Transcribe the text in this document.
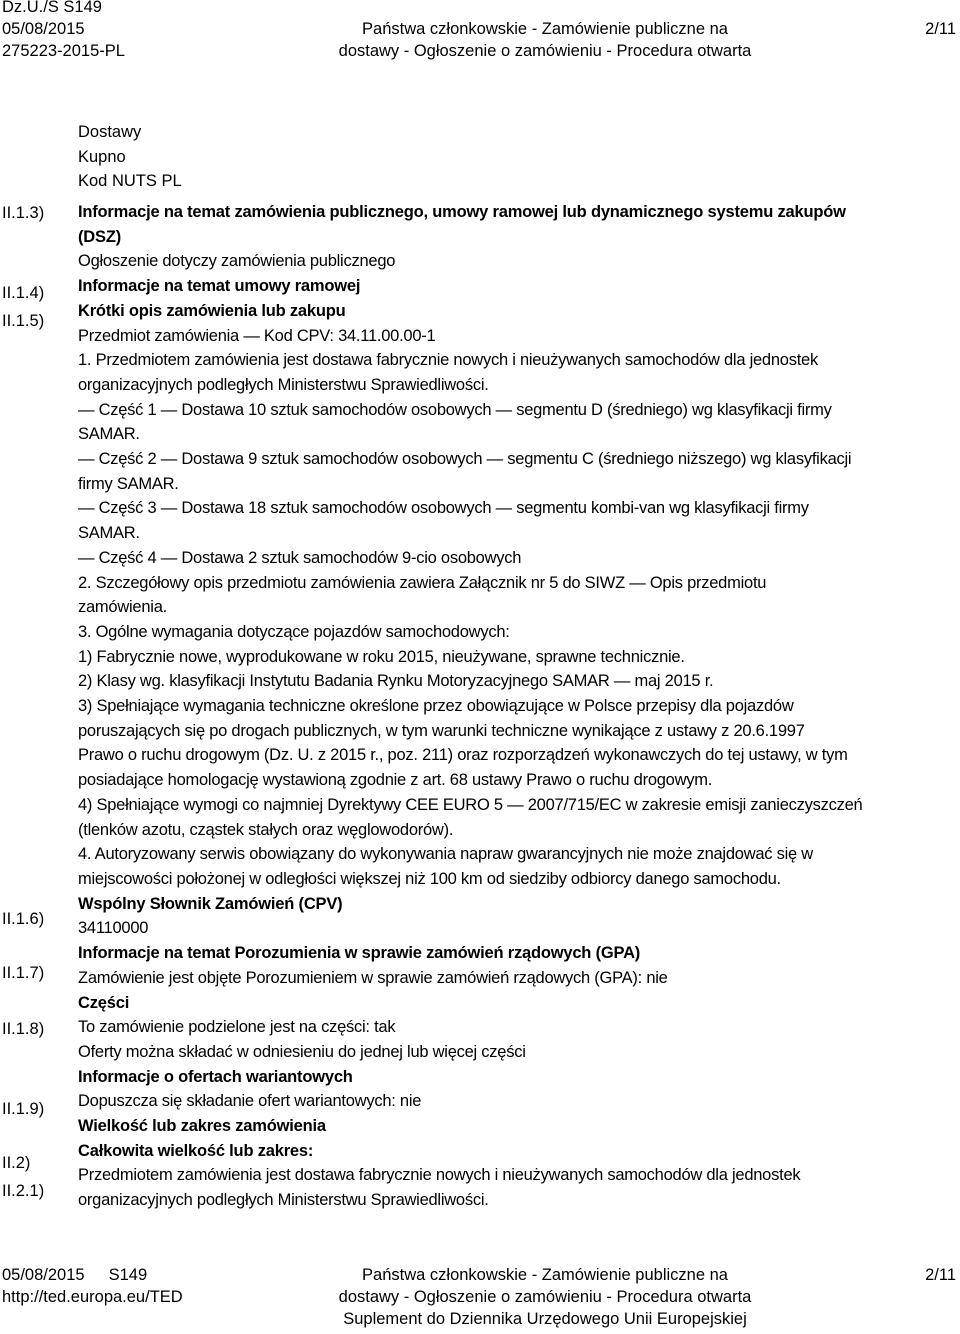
Dz.U./S S149
05/08/2015
275223-2015-PL
Państwa członkowskie - Zamówienie publiczne na
dostawy - Ogłoszenie o zamówieniu - Procedura otwarta
2/11
II.1.3)
II.1.4)
II.1.5)
II.1.6)
II.1.7)
II.1.8)
II.1.9)
II.2)
II.2.1)
Dostawy
Kupno
Kod NUTS PL
Informacje na temat zamówienia publicznego, umowy ramowej lub dynamicznego systemu zakupów
(DSZ)
Ogłoszenie dotyczy zamówienia publicznego
Informacje na temat umowy ramowej
Krótki opis zamówienia lub zakupu
Przedmiot zamówienia — Kod CPV: 34.11.00.00-1
1. Przedmiotem zamówienia jest dostawa fabrycznie nowych i nieużywanych samochodów dla jednostek
organizacyjnych podległych Ministerstwu Sprawiedliwości.
— Część 1 — Dostawa 10 sztuk samochodów osobowych — segmentu D (średniego) wg klasyfikacji firmy
SAMAR.
— Część 2 — Dostawa 9 sztuk samochodów osobowych — segmentu C (średniego niższego) wg klasyfikacji
firmy SAMAR.
— Część 3 — Dostawa 18 sztuk samochodów osobowych — segmentu kombi-van wg klasyfikacji firmy
SAMAR.
— Część 4 — Dostawa 2 sztuk samochodów 9-cio osobowych
2. Szczegółowy opis przedmiotu zamówienia zawiera Załącznik nr 5 do SIWZ — Opis przedmiotu
zamówienia.
3. Ogólne wymagania dotyczące pojazdów samochodowych:
1) Fabrycznie nowe, wyprodukowane w roku 2015, nieużywane, sprawne technicznie.
2) Klasy wg. klasyfikacji Instytutu Badania Rynku Motoryzacyjnego SAMAR — maj 2015 r.
3) Spełniające wymagania techniczne określone przez obowiązujące w Polsce przepisy dla pojazdów
poruszających się po drogach publicznych, w tym warunki techniczne wynikające z ustawy z 20.6.1997
Prawo o ruchu drogowym (Dz. U. z 2015 r., poz. 211) oraz rozporządzeń wykonawczych do tej ustawy, w tym
posiadające homologację wystawioną zgodnie z art. 68 ustawy Prawo o ruchu drogowym.
4) Spełniające wymogi co najmniej Dyrektywy CEE EURO 5 — 2007/715/EC w zakresie emisji zanieczyszczeń
(tlenków azotu, cząstek stałych oraz węglowodorów).
4. Autoryzowany serwis obowiązany do wykonywania napraw gwarancyjnych nie może znajdować się w
miejscowości położonej w odległości większej niż 100 km od siedziby odbiorcy danego samochodu.
Wspólny Słownik Zamówień (CPV)
34110000
Informacje na temat Porozumienia w sprawie zamówień rządowych (GPA)
Zamówienie jest objęte Porozumieniem w sprawie zamówień rządowych (GPA): nie
Części
To zamówienie podzielone jest na części: tak
Oferty można składać w odniesieniu do jednej lub więcej części
Informacje o ofertach wariantowych
Dopuszcza się składanie ofert wariantowych: nie
Wielkość lub zakres zamówienia
Całkowita wielkość lub zakres:
Przedmiotem zamówienia jest dostawa fabrycznie nowych i nieużywanych samochodów dla jednostek
organizacyjnych podległych Ministerstwu Sprawiedliwości.
05/08/2015 S149
http://ted.europa.eu/TED
Państwa członkowskie - Zamówienie publiczne na
dostawy - Ogłoszenie o zamówieniu - Procedura otwarta
Suplement do Dziennika Urzędowego Unii Europejskiej
2/11
